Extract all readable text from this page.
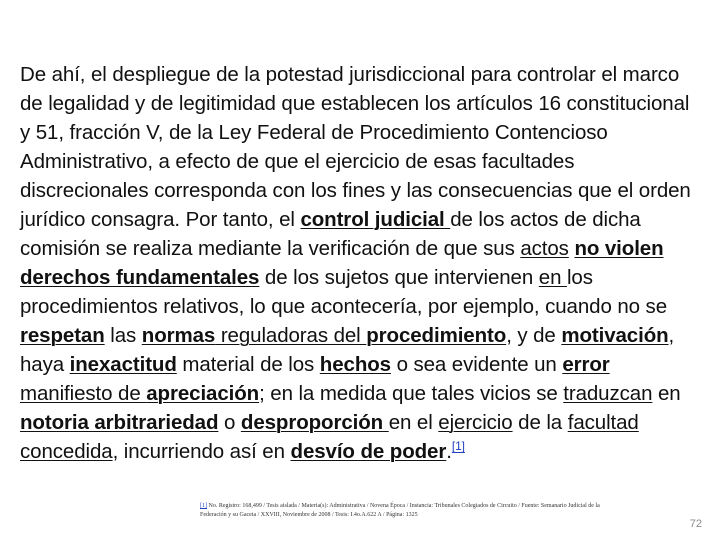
De ahí, el despliegue de la potestad jurisdiccional para controlar el marco de legalidad y de legitimidad que establecen los artículos 16 constitucional y 51, fracción V, de la Ley Federal de Procedimiento Contencioso Administrativo, a efecto de que el ejercicio de esas facultades discrecionales corresponda con los fines y las consecuencias que el orden jurídico consagra. Por tanto, el control judicial de los actos de dicha comisión se realiza mediante la verificación de que sus actos no violen derechos fundamentales de los sujetos que intervienen en los procedimientos relativos, lo que acontecería, por ejemplo, cuando no se respetan las normas reguladoras del procedimiento, y de motivación, haya inexactitud material de los hechos o sea evidente un error manifiesto de apreciación; en la medida que tales vicios se traduzcan en notoria arbitrariedad o desproporción en el ejercicio de la facultad concedida, incurriendo así en desvío de poder.[1]

[1] No. Registro: 168,499 / Tesis aislada / Materia(s): Administrativa / Novena Época / Instancia: Tribunales Colegiados de Circuito / Fuente: Semanario Judicial de la Federación y su Gaceta / XXVIII, Noviembre de 2008 / Tesis: I.4o.A.622 A / Página: 1325
72
